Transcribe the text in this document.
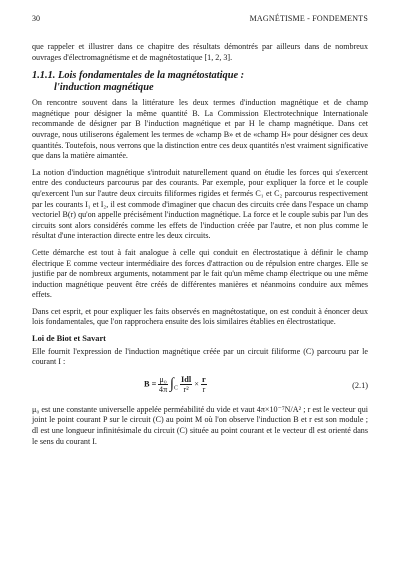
30	MAGNÉTISME - FONDEMENTS

que rappeler et illustrer dans ce chapitre des résultats démontrés par ailleurs dans de nombreux ouvrages d'électromagnétisme et de magnétostatique [1, 2, 3].

1.1.1. Lois fondamentales de la magnétostatique :
l'induction magnétique

On rencontre souvent dans la littérature les deux termes d'induction magnétique et de champ magnétique pour désigner la même quantité B. La Commission Electrotechnique Internationale recommande de désigner par B l'induction magnétique et par H le champ magnétique. Dans cet ouvrage, nous utiliserons également les termes de «champ B» et de «champ H» pour désigner ces deux quantités. Toutefois, nous verrons que la distinction entre ces deux quantités n'est vraiment significative que dans la matière aimantée.

La notion d'induction magnétique s'introduit naturellement quand on étudie les forces qui s'exercent entre des conducteurs parcourus par des courants. Par exemple, pour expliquer la force et le couple qu'exercent l'un sur l'autre deux circuits filiformes rigides et fermés C₁ et C₂ parcourus respectivement par les courants I₁ et I₂, il est commode d'imaginer que chacun des circuits crée dans l'espace un champ vectoriel B(r) qu'on appelle précisément l'induction magnétique. La force et le couple subis par l'un des circuits sont alors considérés comme les effets de l'induction créée par l'autre, et non plus comme le résultat d'une interaction directe entre les deux circuits.

Cette démarche est tout à fait analogue à celle qui conduit en électrostatique à définir le champ électrique E comme vecteur intermédiaire des forces d'attraction ou de répulsion entre charges. Elle se justifie par de nombreux arguments, notamment par le fait qu'un même champ électrique ou une même induction magnétique peuvent être créés de différentes manières et néanmoins conduire aux mêmes effets.

Dans cet esprit, et pour expliquer les faits observés en magnétostatique, on est conduit à énoncer deux lois fondamentales, que l'on rapprochera ensuite des lois similaires établies en électrostatique.

Loi de Biot et Savart

Elle fournit l'expression de l'induction magnétique créée par un circuit filiforme (C) parcouru par le courant I :

$B = \frac{\text{μ₀}}{4\pi} \int_C \frac{\text{Idl}}{\text{r²}} \times \frac{r}{r}$	(2.1)

μ₀ est une constante universelle appelée perméabilité du vide et vaut 4π×10⁻⁷N/A² ; r est le vecteur qui joint le point courant P sur le circuit (C) au point M où l'on observe l'induction B et r est son module ; dl est une longueur infinitésimale du circuit (C) située au point courant et le vecteur dl est orienté dans le sens du courant I.
